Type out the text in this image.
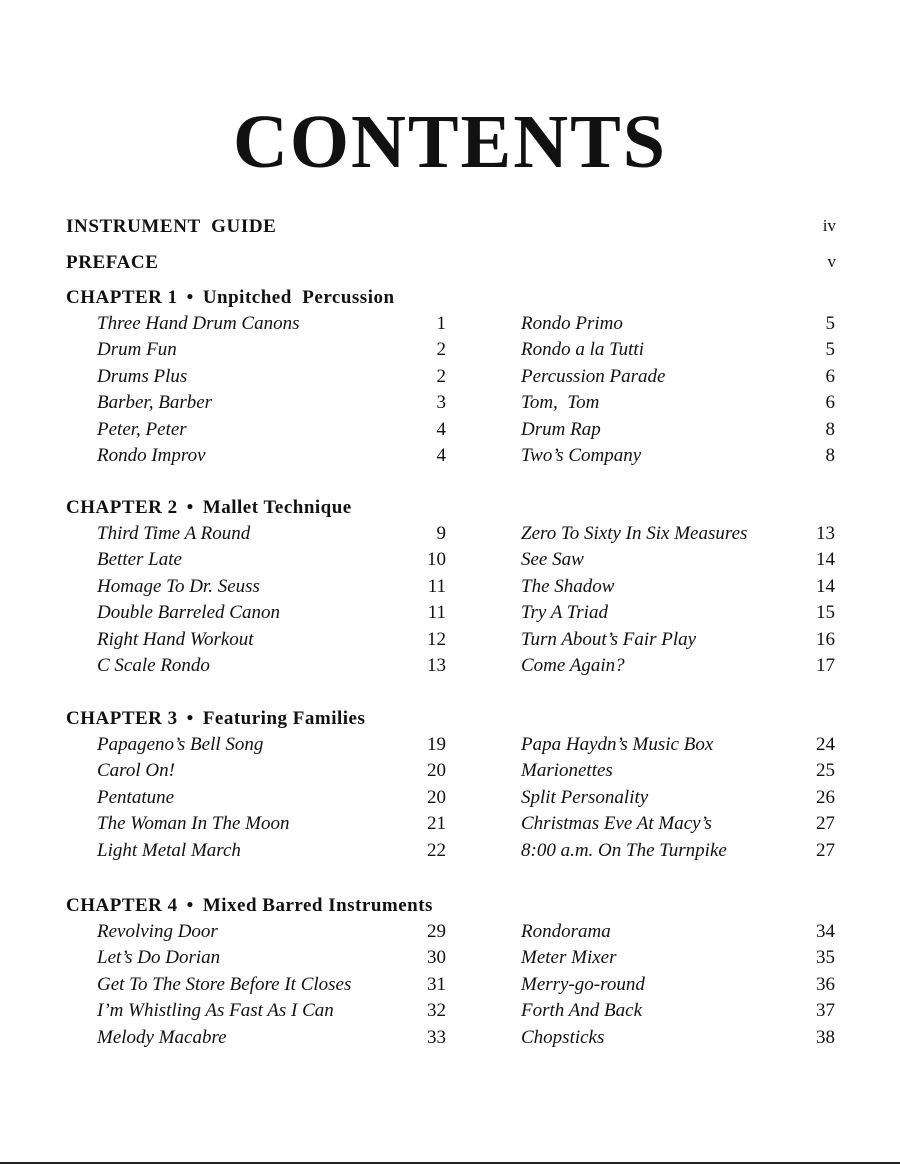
CONTENTS
INSTRUMENT  GUIDE	iv
PREFACE	v
CHAPTER 1 • Unpitched  Percussion
Three Hand Drum Canons	1
Drum Fun	2
Drums Plus	2
Barber, Barber	3
Peter, Peter	4
Rondo Improv	4
Rondo Primo	5
Rondo a la Tutti	5
Percussion Parade	6
Tom,  Tom	6
Drum Rap	8
Two’s Company	8
CHAPTER 2 • Mallet Technique
Third Time A Round	9
Better Late	10
Homage To Dr. Seuss	11
Double Barreled Canon	11
Right Hand Workout	12
C Scale Rondo	13
Zero To Sixty In Six Measures	13
See Saw	14
The Shadow	14
Try A Triad	15
Turn About’s Fair Play	16
Come Again?	17
CHAPTER 3 • Featuring Families
Papageno’s Bell Song	19
Carol On!	20
Pentatune	20
The Woman In The Moon	21
Light Metal March	22
Papa Haydn’s Music Box	24
Marionettes	25
Split Personality	26
Christmas Eve At Macy’s	27
8:00 a.m. On The Turnpike	27
CHAPTER 4 • Mixed Barred Instruments
Revolving Door	29
Let’s Do Dorian	30
Get To The Store Before It Closes	31
I’m Whistling As Fast As I Can	32
Melody Macabre	33
Rondorama	34
Meter Mixer	35
Merry-go-round	36
Forth And Back	37
Chopsticks	38
